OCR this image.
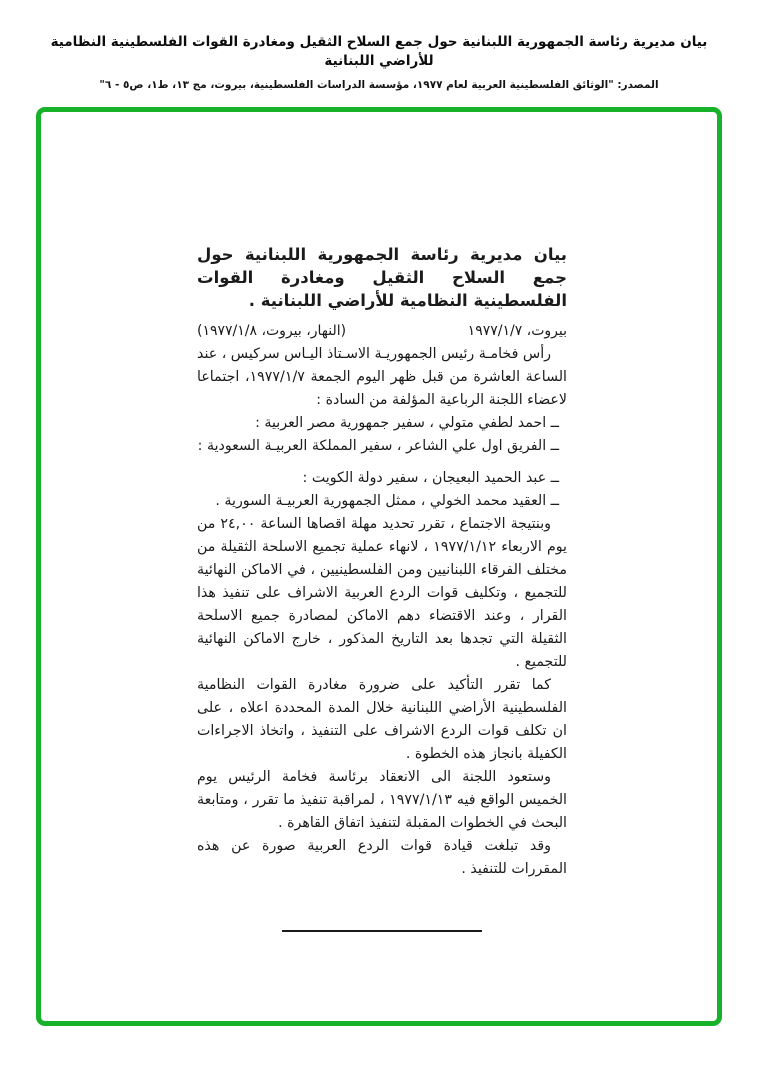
بيان مديرية رئاسة الجمهورية اللبنانية حول جمع السلاح الثقيل ومغادرة القوات الفلسطينية النظامية للأراضي اللبنانية
المصدر: "الوثائق الفلسطينية العربية لعام ١٩٧٧، مؤسسة الدراسات الفلسطينية، بيروت، مج ١٣، ط١، ص٥ - ٦"
بيان مديرية رئاسة الجمهورية اللبنانية حول جمع السلاح الثقيل ومغادرة القوات الفلسطينية النظامية للأراضي اللبنانية .
بيروت، ١٩٧٧/١/٧
(النهار، بيروت، ١٩٧٧/١/٨)

رأس فخامـة رئيس الجمهوريـة الاسـتاذ اليـاس سركيس ، عند الساعة العاشرة من قبل ظهر اليوم الجمعة ١٩٧٧/١/٧، اجتماعا لاعضاء اللجنة الرباعية المؤلفة من السادة :

ــ احمد لطفي متولي ، سفير جمهورية مصر العربية :
ــ الفريق اول علي الشاعر ، سفير المملكة العربيـة السعودية :
ــ عبد الحميد البعيجان ، سفير دولة الكويت :
ــ العقيد محمد الخولي ، ممثل الجمهورية العربيـة السورية .

وبنتيجة الاجتماع ، تقرر تحديد مهلة اقصاها الساعة ٢٤,٠٠ من يوم الاربعاء ١٩٧٧/١/١٢ ، لانهاء عملية تجميع الاسلحة الثقيلة من مختلف الفرقاء اللبنانيين ومن الفلسطينيين ، في الاماكن النهائية للتجميع ، وتكليف قوات الردع العربية الاشراف على تنفيذ هذا القرار ، وعند الاقتضاء دهم الاماكن لمصادرة جميع الاسلحة الثقيلة التي تجدها بعد التاريخ المذكور ، خارج الاماكن النهائية للتجميع .

كما تقرر التأكيد على ضرورة مغادرة القوات النظامية الفلسطينية الأراضي اللبنانية خلال المدة المحددة اعلاه ، على ان تكلف قوات الردع الاشراف على التنفيذ ، واتخاذ الاجراءات الكفيلة بانجاز هذه الخطوة .

وستعود اللجنة الى الانعقاد برئاسة فخامة الرئيس يوم الخميس الواقع فيه ١٩٧٧/١/١٣ ، لمراقبة تنفيذ ما تقرر ، ومتابعة البحث في الخطوات المقبلة لتنفيذ اتفاق القاهرة .

وقد تبلغت قيادة قوات الردع العربية صورة عن هذه المقررات للتنفيذ .
